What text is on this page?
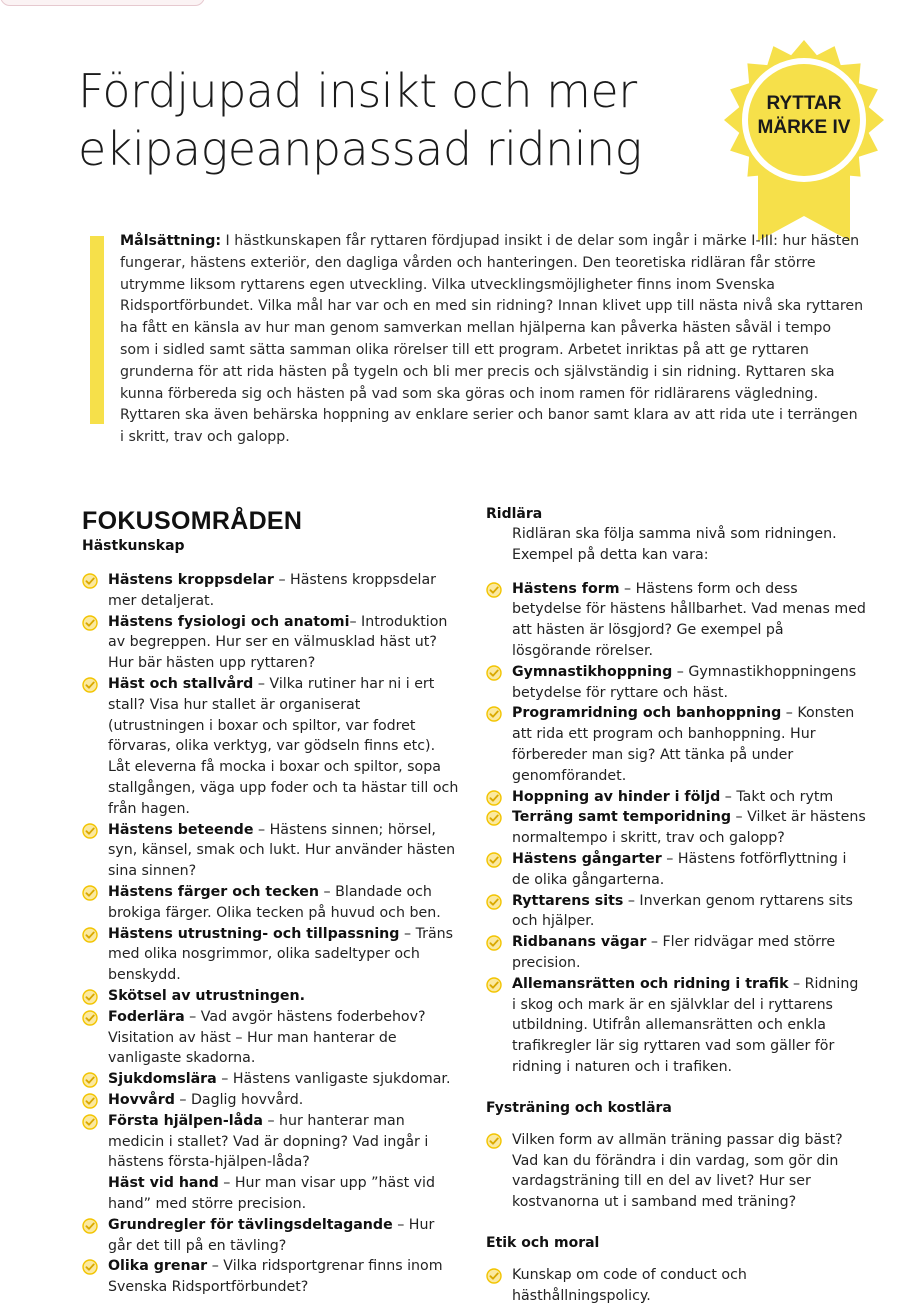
Fördjupad insikt och mer
ekipageanpassad ridning
RYTTAR
MÄRKE IV

Målsättning: I hästkunskapen får ryttaren fördjupad insikt i de delar som ingår i märke I-III: hur hästen fungerar, hästens exteriör, den dagliga vården och hanteringen. Den teoretiska ridläran får större utrymme liksom ryttarens egen utveckling. Vilka utvecklingsmöjligheter finns inom Svenska Ridsportförbundet. Vilka mål har var och en med sin ridning? Innan klivet upp till nästa nivå ska ryttaren ha fått en känsla av hur man genom samverkan mellan hjälperna kan påverka hästen såväl i tempo som i sidled samt sätta samman olika rörelser till ett program. Arbetet inriktas på att ge ryttaren grunderna för att rida hästen på tygeln och bli mer precis och självständig i sin ridning. Ryttaren ska kunna förbereda sig och hästen på vad som ska göras och inom ramen för ridlärarens vägledning. Ryttaren ska även behärska hoppning av enklare serier och banor samt klara av att rida ute i terrängen i skritt, trav och galopp.

FOKUSOMRÅDEN
Hästkunskap
Hästens kroppsdelar – Hästens kroppsdelar mer detaljerat.
Hästens fysiologi och anatomi– Introduktion av begreppen. Hur ser en välmusklad häst ut? Hur bär hästen upp ryttaren?
Häst och stallvård – Vilka rutiner har ni i ert stall? Visa hur stallet är organiserat (utrustningen i boxar och spiltor, var fodret förvaras, olika verktyg, var gödseln finns etc). Låt eleverna få mocka i boxar och spiltor, sopa stallgången, väga upp foder och ta hästar till och från hagen.
Hästens beteende – Hästens sinnen; hörsel, syn, känsel, smak och lukt. Hur använder hästen sina sinnen?
Hästens färger och tecken – Blandade och brokiga färger. Olika tecken på huvud och ben.
Hästens utrustning- och tillpassning – Träns med olika nosgrimmor, olika sadeltyper och benskydd.
Skötsel av utrustningen.
Foderlära – Vad avgör hästens foderbehov? Visitation av häst – Hur man hanterar de vanligaste skadorna.
Sjukdomslära – Hästens vanligaste sjukdomar.
Hovvård – Daglig hovvård.
Första hjälpen-låda – hur hanterar man medicin i stallet? Vad är dopning? Vad ingår i hästens första-hjälpen-låda?
Häst vid hand – Hur man visar upp ”häst vid hand” med större precision.
Grundregler för tävlingsdeltagande – Hur går det till på en tävling?
Olika grenar – Vilka ridsportgrenar finns inom Svenska Ridsportförbundet?
Ridlära

Ridläran ska följa samma nivå som ridningen. Exempel på detta kan vara:

Hästens form – Hästens form och dess betydelse för hästens hållbarhet. Vad menas med att hästen är lösgjord? Ge exempel på lösgörande rörelser.
Gymnastikhoppning – Gymnastikhoppningens betydelse för ryttare och häst.
Programridning och banhoppning – Konsten att rida ett program och banhoppning. Hur förbereder man sig? Att tänka på under genomförandet.
Hoppning av hinder i följd – Takt och rytm
Terräng samt temporidning – Vilket är hästens normaltempo i skritt, trav och galopp?
Hästens gångarter – Hästens fotförflyttning i de olika gångarterna.
Ryttarens sits – Inverkan genom ryttarens sits och hjälper.
Ridbanans vägar – Fler ridvägar med större precision.
Allemansrätten och ridning i trafik – Ridning i skog och mark är en självklar del i ryttarens utbildning. Utifrån allemansrätten och enkla trafikregler lär sig ryttaren vad som gäller för ridning i naturen och i trafiken.
Fysträning och kostlära
Vilken form av allmän träning passar dig bäst? Vad kan du förändra i din vardag, som gör din vardagsträning till en del av livet? Hur ser kostvanorna ut i samband med träning?
Etik och moral
Kunskap om code of conduct och hästhållningspolicy.
